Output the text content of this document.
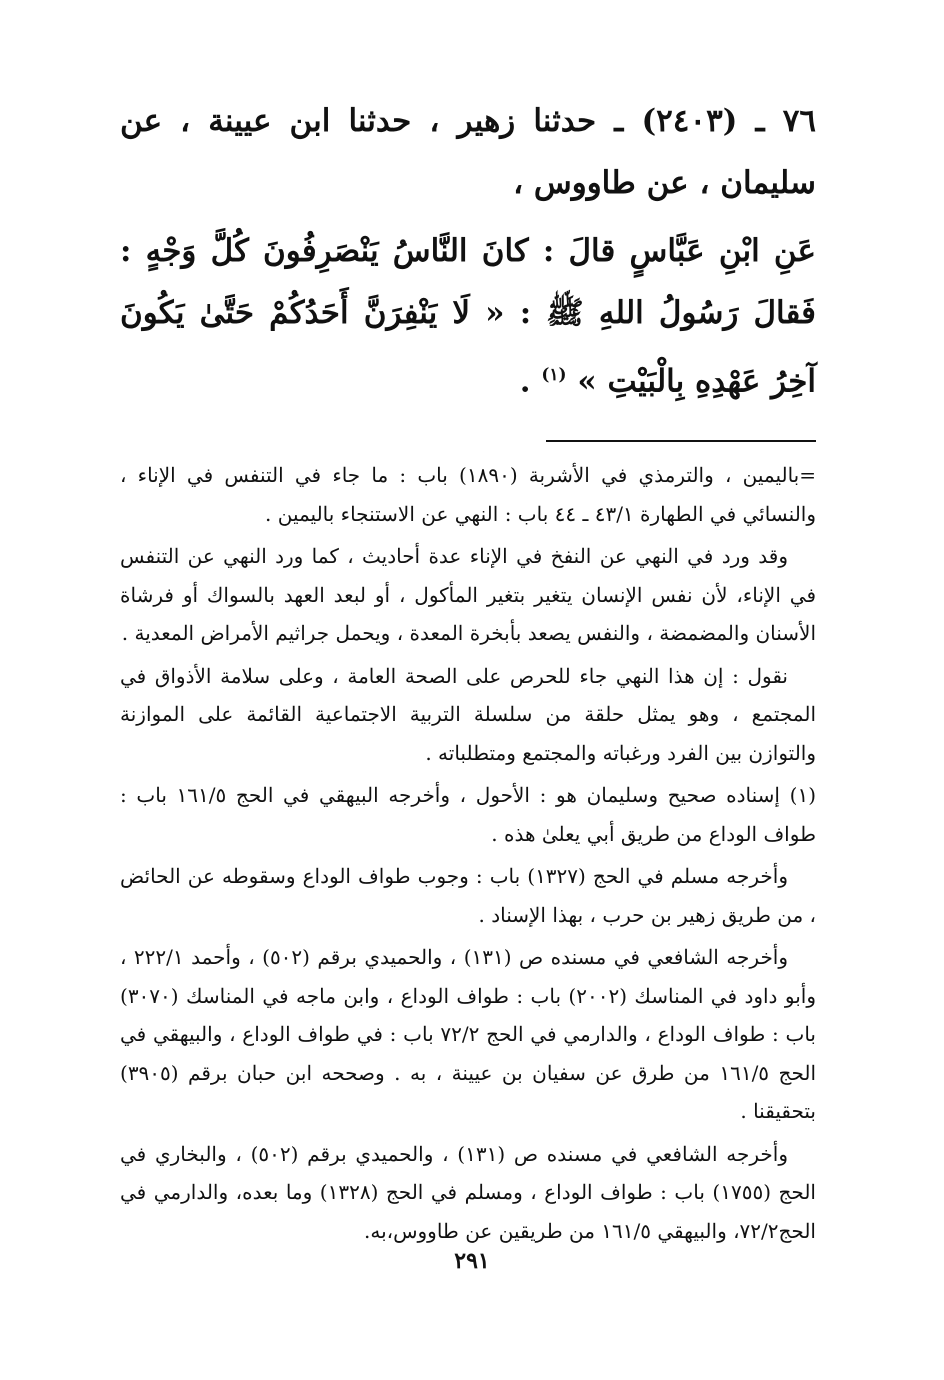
٧٦ ـ (٢٤٠٣) ـ حدثنا زهير ، حدثنا ابن عيينة ، عن سليمان ، عن طاووس ،

عَنِ ابْنِ عَبَّاسٍ قالَ : كانَ النَّاسُ يَنْصَرِفُونَ كُلَّ وَجْهٍ : فَقالَ رَسُولُ اللهِ ﷺ : « لَا يَنْفِرَنَّ أَحَدُكُمْ حَتَّىٰ يَكُونَ آخِرُ عَهْدِهِ بِالْبَيْتِ » $^{(١)}$ .

=باليمين ، والترمذي في الأشربة (١٨٩٠) باب : ما جاء في التنفس في الإناء ، والنسائي في الطهارة ٤٣/١ ـ ٤٤ باب : النهي عن الاستنجاء باليمين .

وقد ورد في النهي عن النفخ في الإناء عدة أحاديث ، كما ورد النهي عن التنفس في الإناء، لأن نفس الإنسان يتغير بتغير المأكول ، أو لبعد العهد بالسواك أو فرشاة الأسنان والمضمضة ، والنفس يصعد بأبخرة المعدة ، ويحمل جراثيم الأمراض المعدية .

نقول : إن هذا النهي جاء للحرص على الصحة العامة ، وعلى سلامة الأذواق في المجتمع ، وهو يمثل حلقة من سلسلة التربية الاجتماعية القائمة على الموازنة والتوازن بين الفرد ورغباته والمجتمع ومتطلباته .

(١) إسناده صحيح وسليمان هو : الأحول ، وأخرجه البيهقي في الحج ١٦١/٥ باب : طواف الوداع من طريق أبي يعلىٰ هذه .

وأخرجه مسلم في الحج (١٣٢٧) باب : وجوب طواف الوداع وسقوطه عن الحائض ، من طريق زهير بن حرب ، بهذا الإسناد .

وأخرجه الشافعي في مسنده ص (١٣١) ، والحميدي برقم (٥٠٢) ، وأحمد ٢٢٢/١ ، وأبو داود في المناسك (٢٠٠٢) باب : طواف الوداع ، وابن ماجه في المناسك (٣٠٧٠) باب : طواف الوداع ، والدارمي في الحج ٧٢/٢ باب : في طواف الوداع ، والبيهقي في الحج ١٦١/٥ من طرق عن سفيان بن عيينة ، به . وصححه ابن حبان برقم (٣٩٠٥) بتحقيقنا .

وأخرجه الشافعي في مسنده ص (١٣١) ، والحميدي برقم (٥٠٢) ، والبخاري في الحج (١٧٥٥) باب : طواف الوداع ، ومسلم في الحج (١٣٢٨) وما بعده، والدارمي في الحج٧٢/٢، والبيهقي ١٦١/٥ من طريقين عن طاووس،به.

٢٩١
